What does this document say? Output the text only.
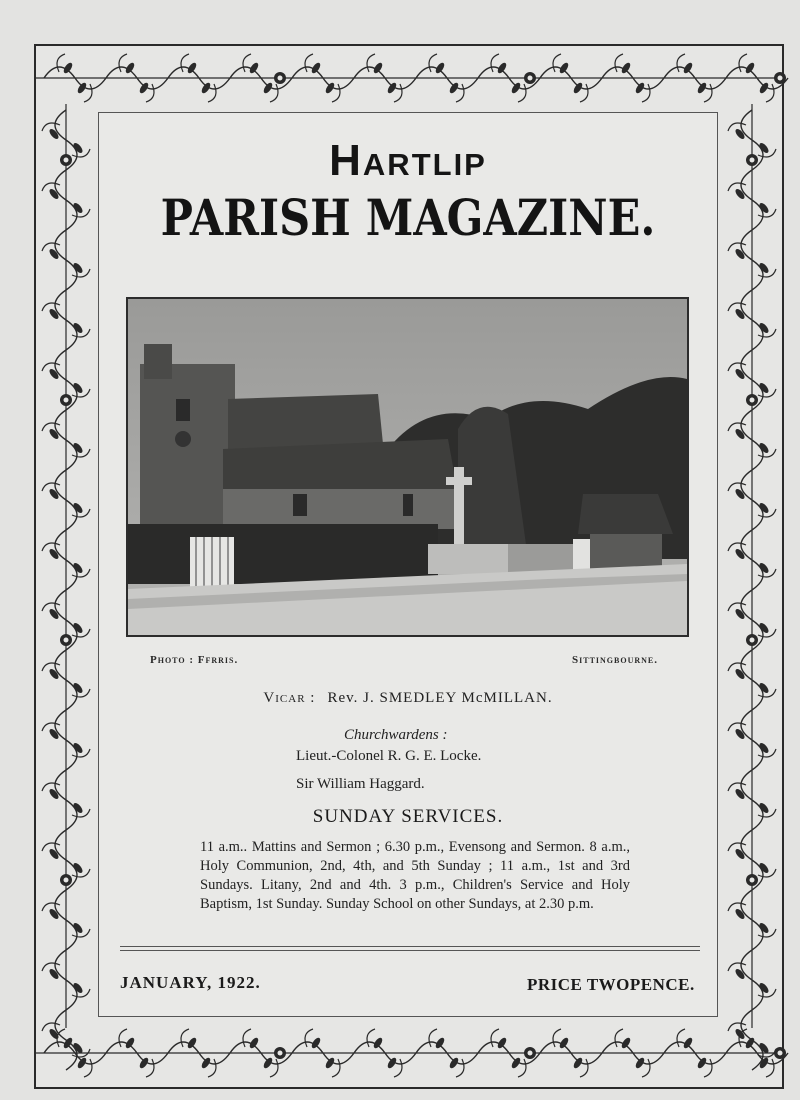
Hartlip
PARISH MAGAZINE.
Photo : Ffrris.	Sittingbourne.
Vicar : Rev. J. SMEDLEY McMILLAN.
Churchwardens :
Lieut.-Colonel R. G. E. Locke.
Sir William Haggard.
SUNDAY SERVICES.
11 a.m.. Mattins and Sermon ; 6.30 p.m., Evensong and Sermon. 8 a.m., Holy Communion, 2nd, 4th, and 5th Sunday ; 11 a.m., 1st and 3rd Sundays. Litany, 2nd and 4th. 3 p.m., Children's Service and Holy Baptism, 1st Sunday. Sunday School on other Sundays, at 2.30 p.m.
JANUARY, 1922.	PRICE TWOPENCE.
